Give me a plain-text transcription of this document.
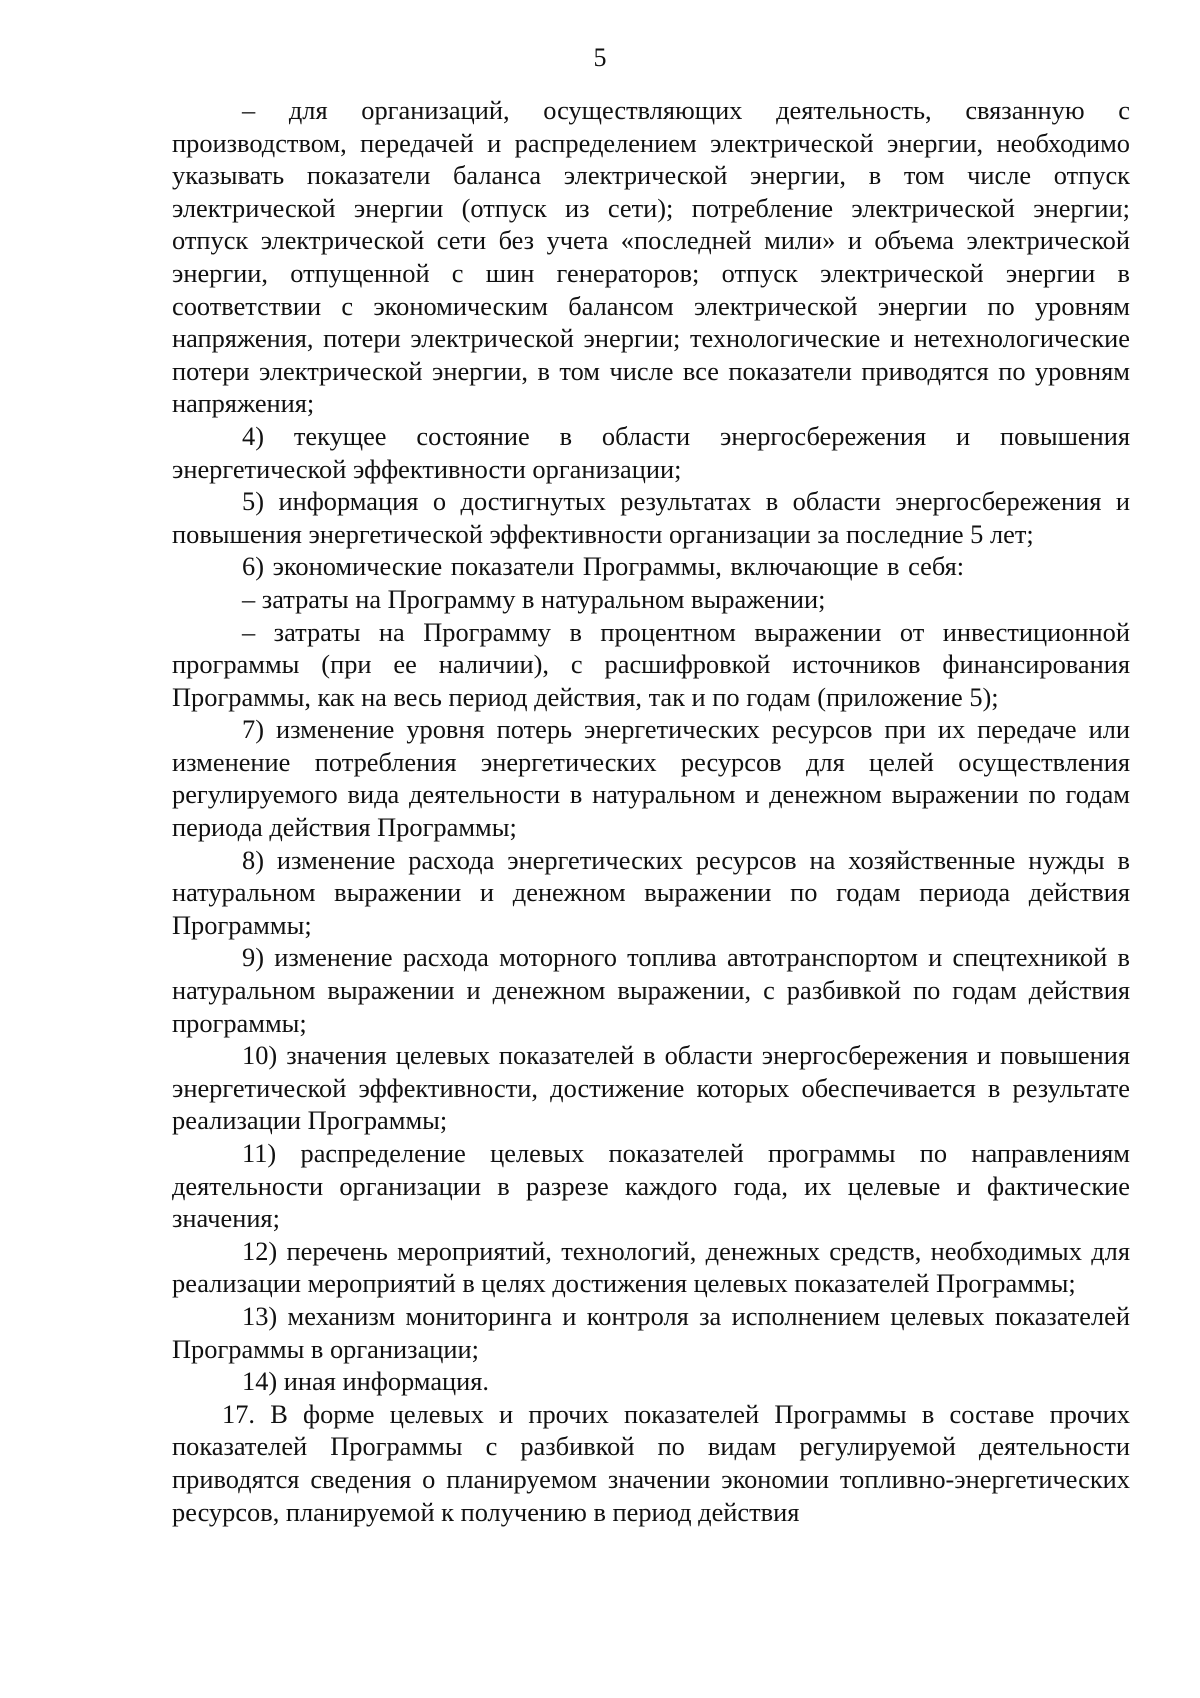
5

– для организаций, осуществляющих деятельность, связанную с производством, передачей и распределением электрической энергии, необходимо указывать показатели баланса электрической энергии, в том числе отпуск электрической энергии (отпуск из сети); потребление электрической энергии; отпуск электрической сети без учета «последней мили» и объема электрической энергии, отпущенной с шин генераторов; отпуск электрической энергии в соответствии с экономическим балансом электрической энергии по уровням напряжения, потери электрической энергии; технологические и нетехнологические потери электрической энергии, в том числе все показатели приводятся по уровням напряжения;

4) текущее состояние в области энергосбережения и повышения энергетической эффективности организации;

5) информация о достигнутых результатах в области энергосбережения и повышения энергетической эффективности организации за последние 5 лет;

6) экономические показатели Программы, включающие в себя:

– затраты на Программу в натуральном выражении;

– затраты на Программу в процентном выражении от инвестиционной программы (при ее наличии), с расшифровкой источников финансирования Программы, как на весь период действия, так и по годам (приложение 5);

7) изменение уровня потерь энергетических ресурсов при их передаче или изменение потребления энергетических ресурсов для целей осуществления регулируемого вида деятельности в натуральном и денежном выражении по годам периода действия Программы;

8) изменение расхода энергетических ресурсов на хозяйственные нужды в натуральном выражении и денежном выражении по годам периода действия Программы;

9) изменение расхода моторного топлива автотранспортом и спецтехникой в натуральном выражении и денежном выражении, с разбивкой по годам действия программы;

10) значения целевых показателей в области энергосбережения и повышения энергетической эффективности, достижение которых обеспечивается в результате реализации Программы;

11) распределение целевых показателей программы по направлениям деятельности организации в разрезе каждого года, их целевые и фактические значения;

12) перечень мероприятий, технологий, денежных средств, необходимых для реализации мероприятий в целях достижения целевых показателей Программы;

13) механизм мониторинга и контроля за исполнением целевых показателей Программы в организации;

14) иная информация.

17. В форме целевых и прочих показателей Программы в составе прочих показателей Программы с разбивкой по видам регулируемой деятельности приводятся сведения о планируемом значении экономии топливно-энергетических ресурсов, планируемой к получению в период действия
